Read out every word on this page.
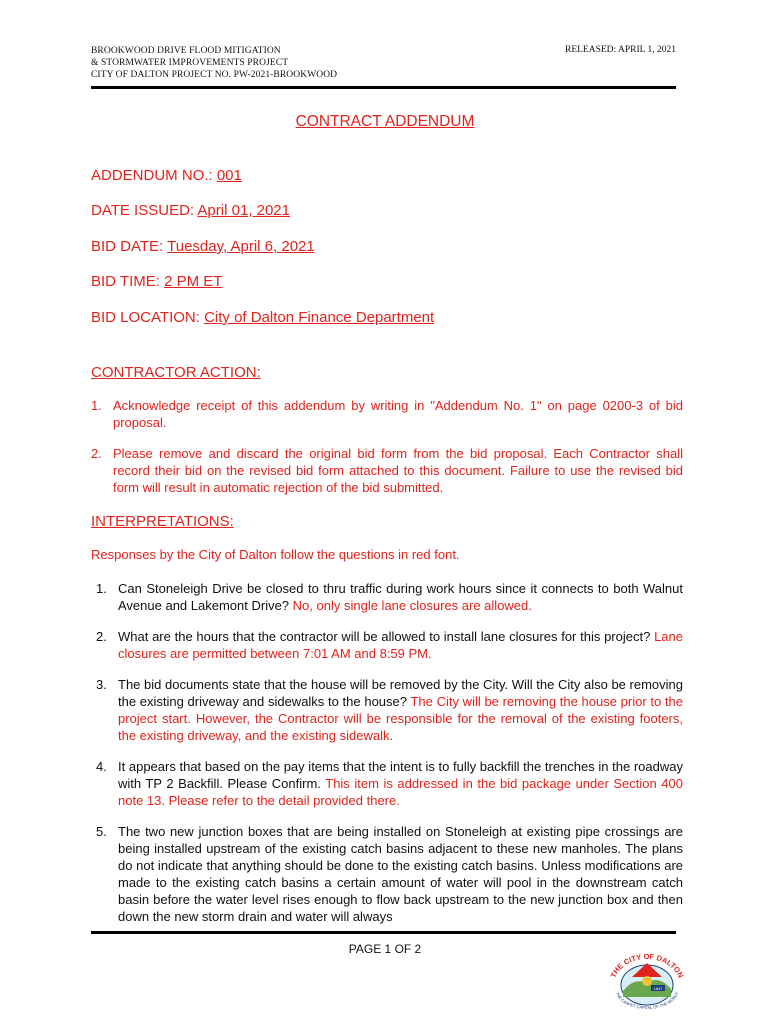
BROOKWOOD DRIVE FLOOD MITIGATION
& STORMWATER IMPROVEMENTS PROJECT
CITY OF DALTON PROJECT NO. PW-2021-BROOKWOOD
RELEASED: APRIL 1, 2021
CONTRACT ADDENDUM
ADDENDUM NO.: 001
DATE ISSUED: April 01, 2021
BID DATE: Tuesday, April 6, 2021
BID TIME: 2 PM ET
BID LOCATION: City of Dalton Finance Department
CONTRACTOR ACTION:
1. Acknowledge receipt of this addendum by writing in "Addendum No. 1" on page 0200-3 of bid proposal.
2. Please remove and discard the original bid form from the bid proposal. Each Contractor shall record their bid on the revised bid form attached to this document. Failure to use the revised bid form will result in automatic rejection of the bid submitted.
INTERPRETATIONS:
Responses by the City of Dalton follow the questions in red font.
1. Can Stoneleigh Drive be closed to thru traffic during work hours since it connects to both Walnut Avenue and Lakemont Drive? No, only single lane closures are allowed.
2. What are the hours that the contractor will be allowed to install lane closures for this project? Lane closures are permitted between 7:01 AM and 8:59 PM.
3. The bid documents state that the house will be removed by the City. Will the City also be removing the existing driveway and sidewalks to the house? The City will be removing the house prior to the project start. However, the Contractor will be responsible for the removal of the existing footers, the existing driveway, and the existing sidewalk.
4. It appears that based on the pay items that the intent is to fully backfill the trenches in the roadway with TP 2 Backfill. Please Confirm. This item is addressed in the bid package under Section 400 note 13. Please refer to the detail provided there.
5. The two new junction boxes that are being installed on Stoneleigh at existing pipe crossings are being installed upstream of the existing catch basins adjacent to these new manholes. The plans do not indicate that anything should be done to the existing catch basins. Unless modifications are made to the existing catch basins a certain amount of water will pool in the downstream catch basin before the water level rises enough to flow back upstream to the new junction box and then down the new storm drain and water will always
PAGE 1 OF 2
THE CITY OF DALTON
THE CARPET CAPITAL OF THE WORLD
1847
